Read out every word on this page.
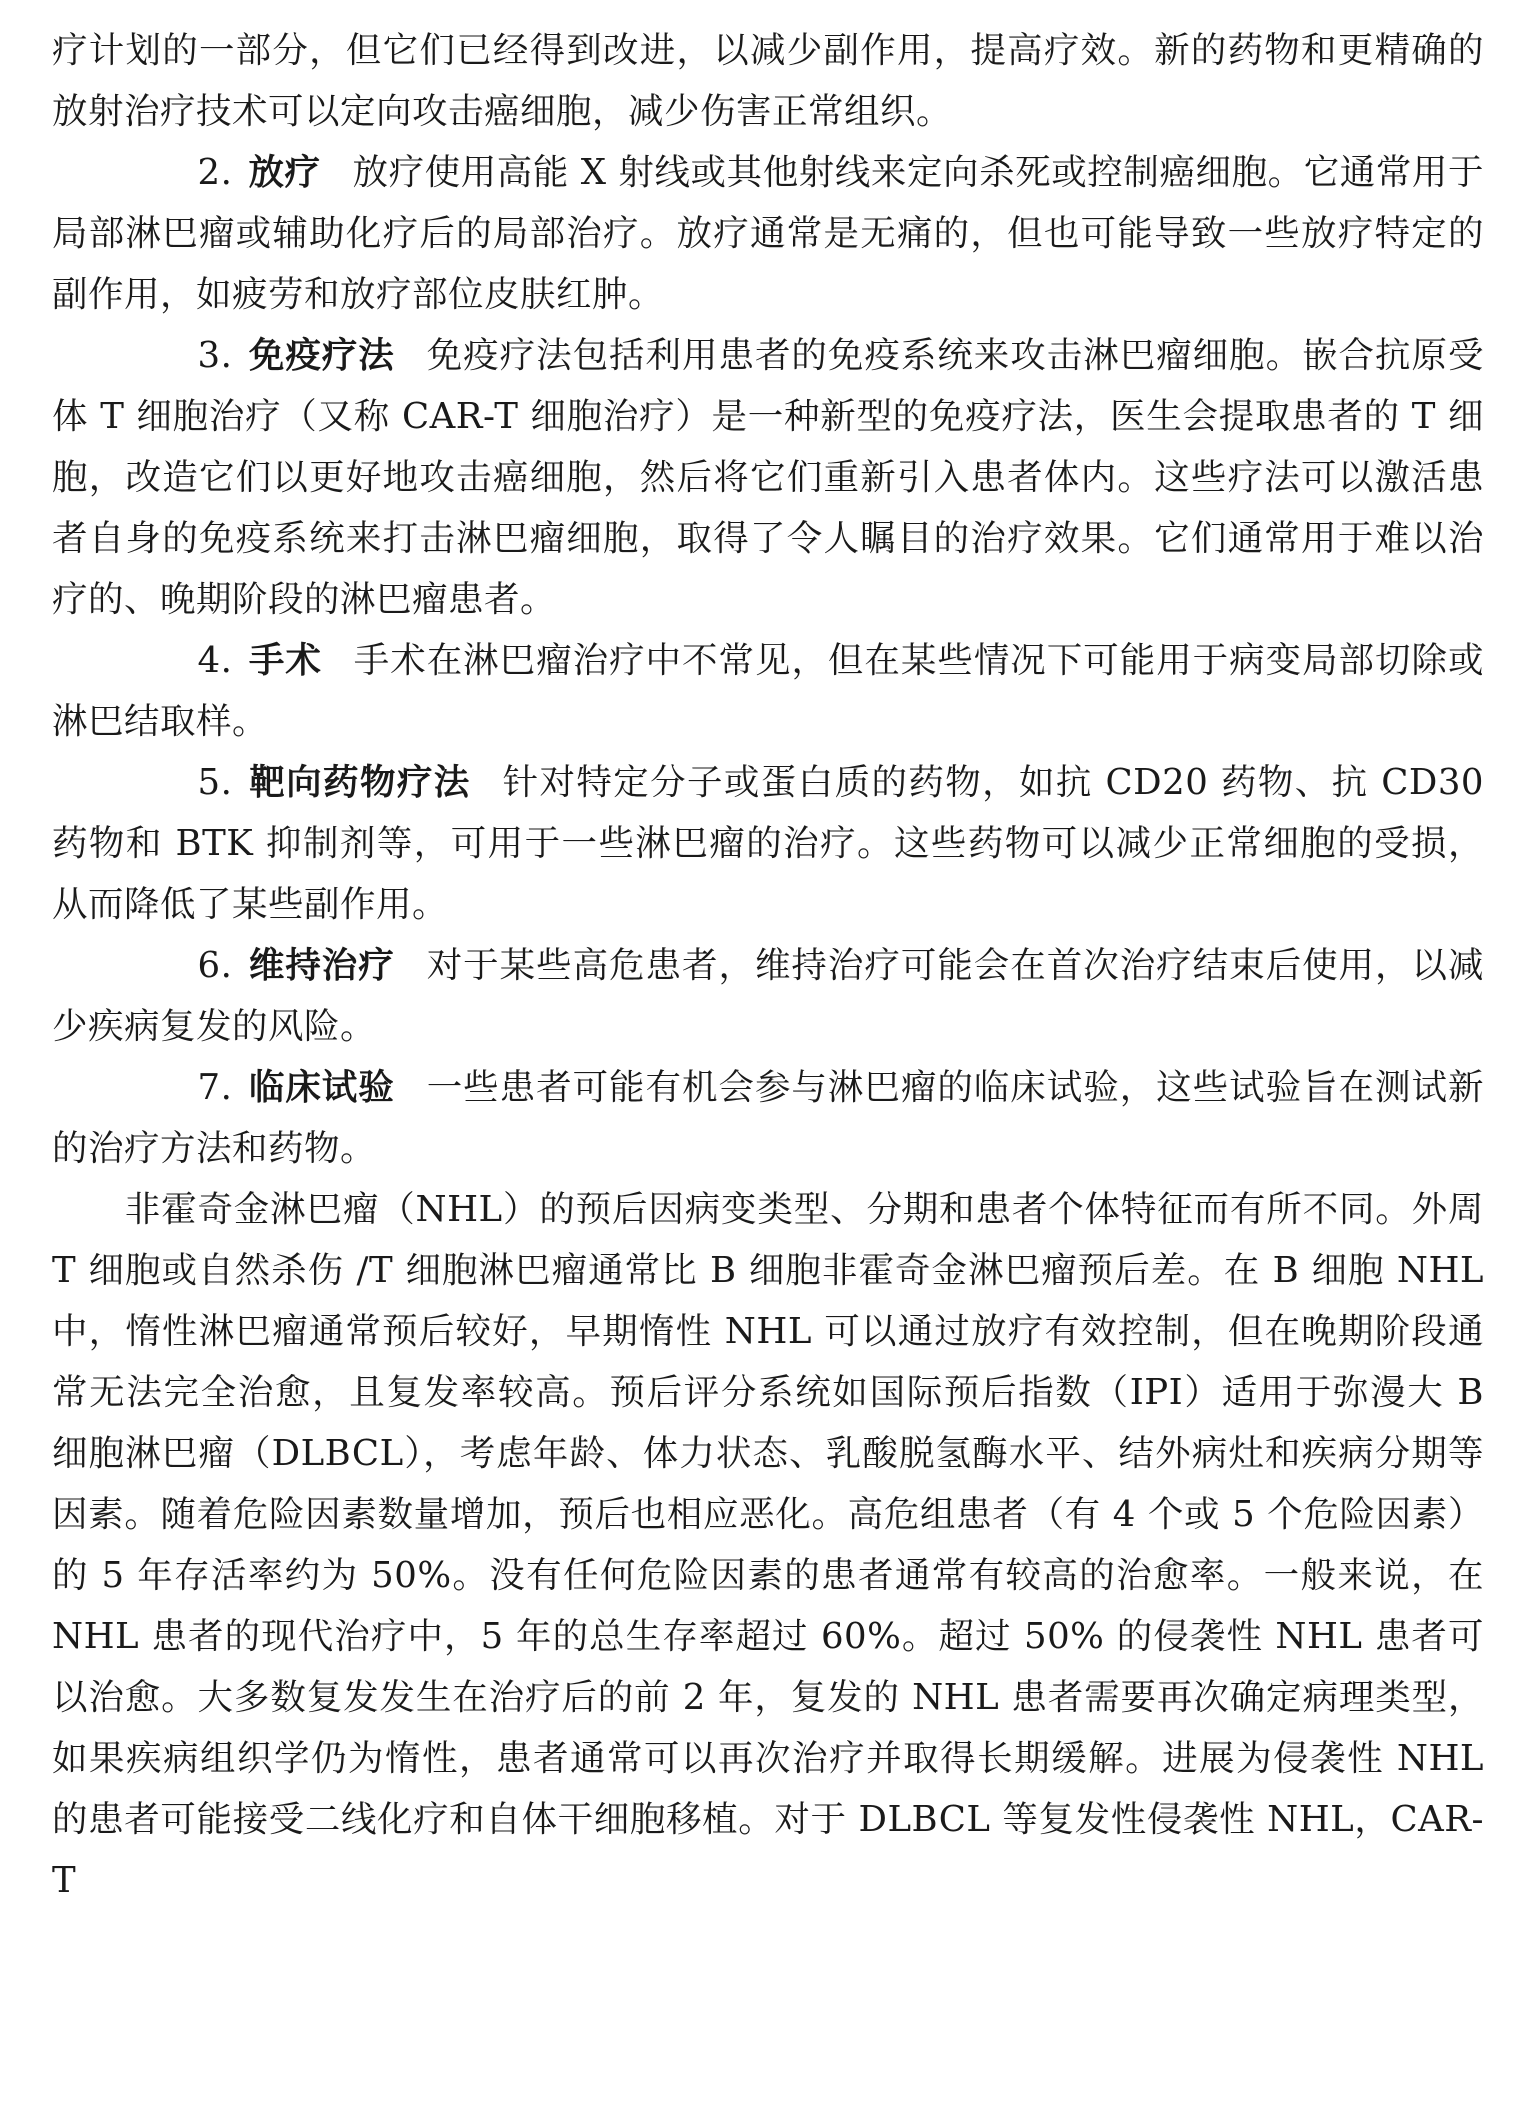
疗计划的一部分，但它们已经得到改进，以减少副作用，提高疗效。新的药物和更精确的放射治疗技术可以定向攻击癌细胞，减少伤害正常组织。

2. 放疗 放疗使用高能 X 射线或其他射线来定向杀死或控制癌细胞。它通常用于局部淋巴瘤或辅助化疗后的局部治疗。放疗通常是无痛的，但也可能导致一些放疗特定的副作用，如疲劳和放疗部位皮肤红肿。

3. 免疫疗法 免疫疗法包括利用患者的免疫系统来攻击淋巴瘤细胞。嵌合抗原受体 T 细胞治疗（又称 CAR-T 细胞治疗）是一种新型的免疫疗法，医生会提取患者的 T 细胞，改造它们以更好地攻击癌细胞，然后将它们重新引入患者体内。这些疗法可以激活患者自身的免疫系统来打击淋巴瘤细胞，取得了令人瞩目的治疗效果。它们通常用于难以治疗的、晚期阶段的淋巴瘤患者。

4. 手术 手术在淋巴瘤治疗中不常见，但在某些情况下可能用于病变局部切除或淋巴结取样。

5. 靶向药物疗法 针对特定分子或蛋白质的药物，如抗 CD20 药物、抗 CD30 药物和 BTK 抑制剂等，可用于一些淋巴瘤的治疗。这些药物可以减少正常细胞的受损，从而降低了某些副作用。

6. 维持治疗 对于某些高危患者，维持治疗可能会在首次治疗结束后使用，以减少疾病复发的风险。

7. 临床试验 一些患者可能有机会参与淋巴瘤的临床试验，这些试验旨在测试新的治疗方法和药物。

非霍奇金淋巴瘤（NHL）的预后因病变类型、分期和患者个体特征而有所不同。外周 T 细胞或自然杀伤 /T 细胞淋巴瘤通常比 B 细胞非霍奇金淋巴瘤预后差。在 B 细胞 NHL 中，惰性淋巴瘤通常预后较好，早期惰性 NHL 可以通过放疗有效控制，但在晚期阶段通常无法完全治愈，且复发率较高。预后评分系统如国际预后指数（IPI）适用于弥漫大 B 细胞淋巴瘤（DLBCL），考虑年龄、体力状态、乳酸脱氢酶水平、结外病灶和疾病分期等因素。随着危险因素数量增加，预后也相应恶化。高危组患者（有 4 个或 5 个危险因素）的 5 年存活率约为 50%。没有任何危险因素的患者通常有较高的治愈率。一般来说，在 NHL 患者的现代治疗中，5 年的总生存率超过 60%。超过 50% 的侵袭性 NHL 患者可以治愈。大多数复发发生在治疗后的前 2 年，复发的 NHL 患者需要再次确定病理类型，如果疾病组织学仍为惰性，患者通常可以再次治疗并取得长期缓解。进展为侵袭性 NHL 的患者可能接受二线化疗和自体干细胞移植。对于 DLBCL 等复发性侵袭性 NHL，CAR-T
